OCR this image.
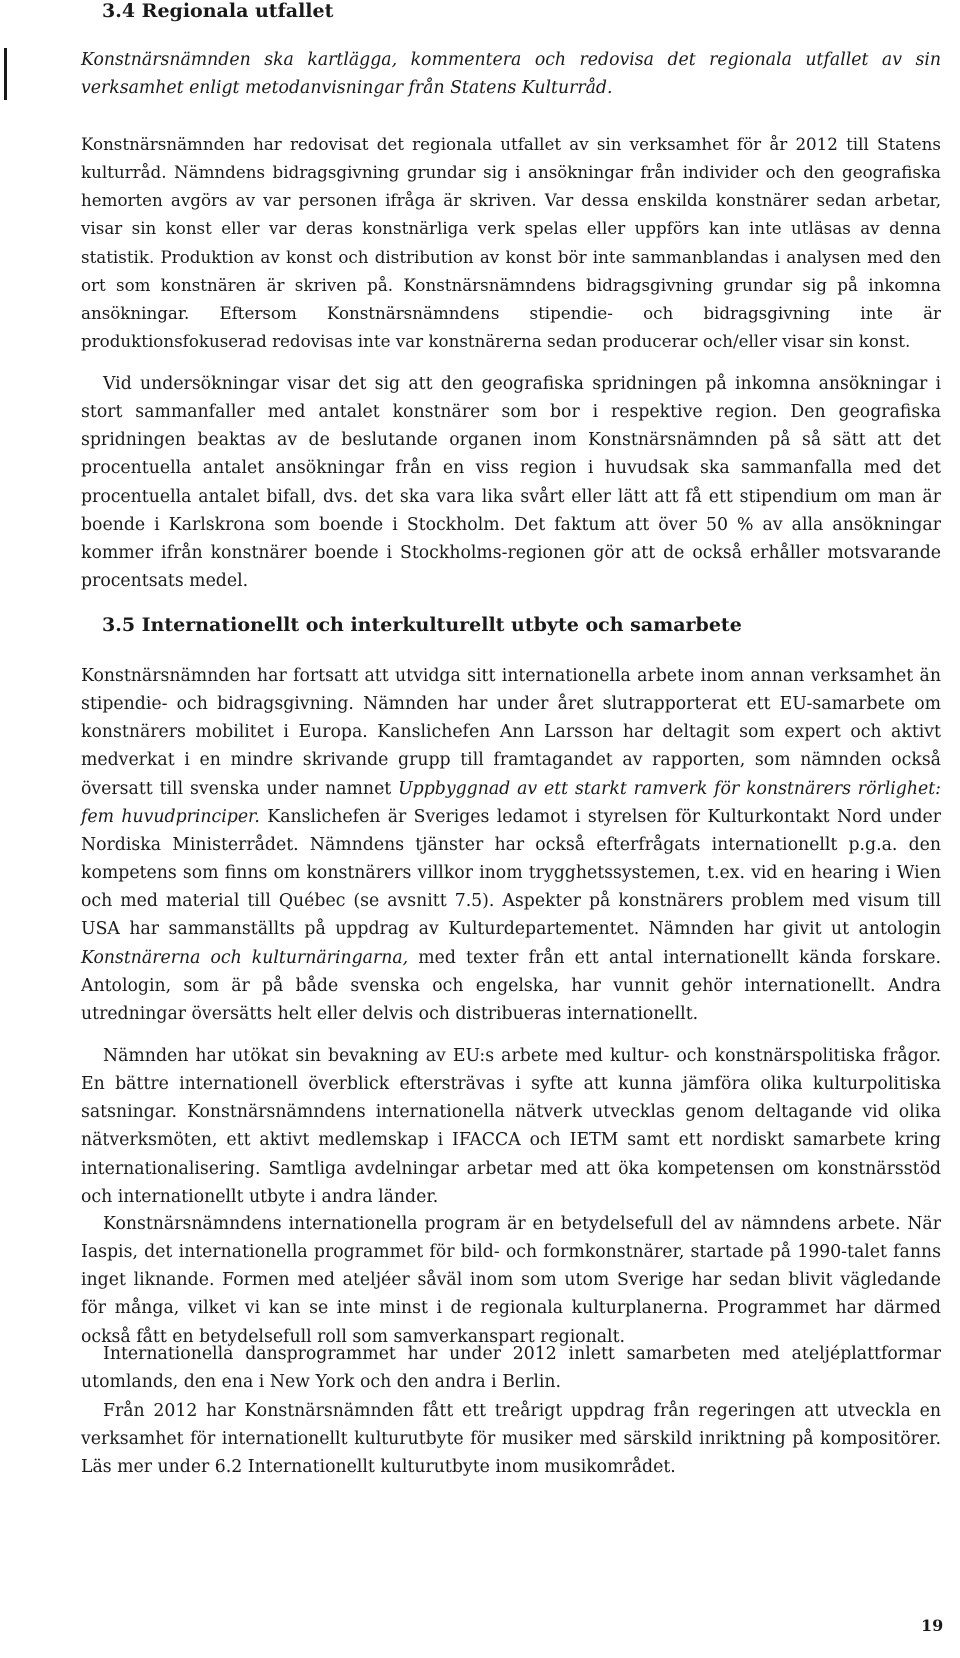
3.4 Regionala utfallet

Konstnärsnämnden ska kartlägga, kommentera och redovisa det regionala utfallet av sin verksamhet enligt metodanvisningar från Statens Kulturråd.

Konstnärsnämnden har redovisat det regionala utfallet av sin verksamhet för år 2012 till Statens kulturråd. Nämndens bidragsgivning grundar sig i ansökningar från individer och den geografiska hemorten avgörs av var personen ifråga är skriven. Var dessa enskilda konstnärer sedan arbetar, visar sin konst eller var deras konstnärliga verk spelas eller uppförs kan inte utläsas av denna statistik. Produktion av konst och distribution av konst bör inte sammanblandas i analysen med den ort som konstnären är skriven på. Konstnärsnämndens bidragsgivning grundar sig på inkomna ansökningar. Eftersom Konstnärsnämndens stipendie- och bidragsgivning inte är produktionsfokuserad redovisas inte var konstnärerna sedan producerar och/eller visar sin konst.

Vid undersökningar visar det sig att den geografiska spridningen på inkomna ansökningar i stort sammanfaller med antalet konstnärer som bor i respektive region. Den geografiska spridningen beaktas av de beslutande organen inom Konstnärsnämnden på så sätt att det procentuella antalet ansökningar från en viss region i huvudsak ska sammanfalla med det procentuella antalet bifall, dvs. det ska vara lika svårt eller lätt att få ett stipendium om man är boende i Karlskrona som boende i Stockholm. Det faktum att över 50 % av alla ansökningar kommer ifrån konstnärer boende i Stockholms-regionen gör att de också erhåller motsvarande procentsats medel.

3.5 Internationellt och interkulturellt utbyte och samarbete

Konstnärsnämnden har fortsatt att utvidga sitt internationella arbete inom annan verksamhet än stipendie- och bidragsgivning. Nämnden har under året slutrapporterat ett EU-samarbete om konstnärers mobilitet i Europa. Kanslichefen Ann Larsson har deltagit som expert och aktivt medverkat i en mindre skrivande grupp till framtagandet av rapporten, som nämnden också översatt till svenska under namnet Uppbyggnad av ett starkt ramverk för konstnärers rörlighet: fem huvudprinciper. Kanslichefen är Sveriges ledamot i styrelsen för Kulturkontakt Nord under Nordiska Ministerrådet. Nämndens tjänster har också efterfrågats internationellt p.g.a. den kompetens som finns om konstnärers villkor inom trygghetssystemen, t.ex. vid en hearing i Wien och med material till Québec (se avsnitt 7.5). Aspekter på konstnärers problem med visum till USA har sammanställts på uppdrag av Kulturdepartementet. Nämnden har givit ut antologin Konstnärerna och kulturnäringarna, med texter från ett antal internationellt kända forskare. Antologin, som är på både svenska och engelska, har vunnit gehör internationellt. Andra utredningar översätts helt eller delvis och distribueras internationellt.

Nämnden har utökat sin bevakning av EU:s arbete med kultur- och konstnärspolitiska frågor. En bättre internationell överblick eftersträvas i syfte att kunna jämföra olika kulturpolitiska satsningar. Konstnärsnämndens internationella nätverk utvecklas genom deltagande vid olika nätverksmöten, ett aktivt medlemskap i IFACCA och IETM samt ett nordiskt samarbete kring internationalisering. Samtliga avdelningar arbetar med att öka kompetensen om konstnärsstöd och internationellt utbyte i andra länder.

Konstnärsnämndens internationella program är en betydelsefull del av nämndens arbete. När Iaspis, det internationella programmet för bild- och formkonstnärer, startade på 1990-talet fanns inget liknande. Formen med ateljéer såväl inom som utom Sverige har sedan blivit vägledande för många, vilket vi kan se inte minst i de regionala kulturplanerna. Programmet har därmed också fått en betydelsefull roll som samverkanspart regionalt.

Internationella dansprogrammet har under 2012 inlett samarbeten med ateljéplattformar utomlands, den ena i New York och den andra i Berlin.

Från 2012 har Konstnärsnämnden fått ett treårigt uppdrag från regeringen att utveckla en verksamhet för internationellt kulturutbyte för musiker med särskild inriktning på kompositörer. Läs mer under 6.2 Internationellt kulturutbyte inom musikområdet.

19
